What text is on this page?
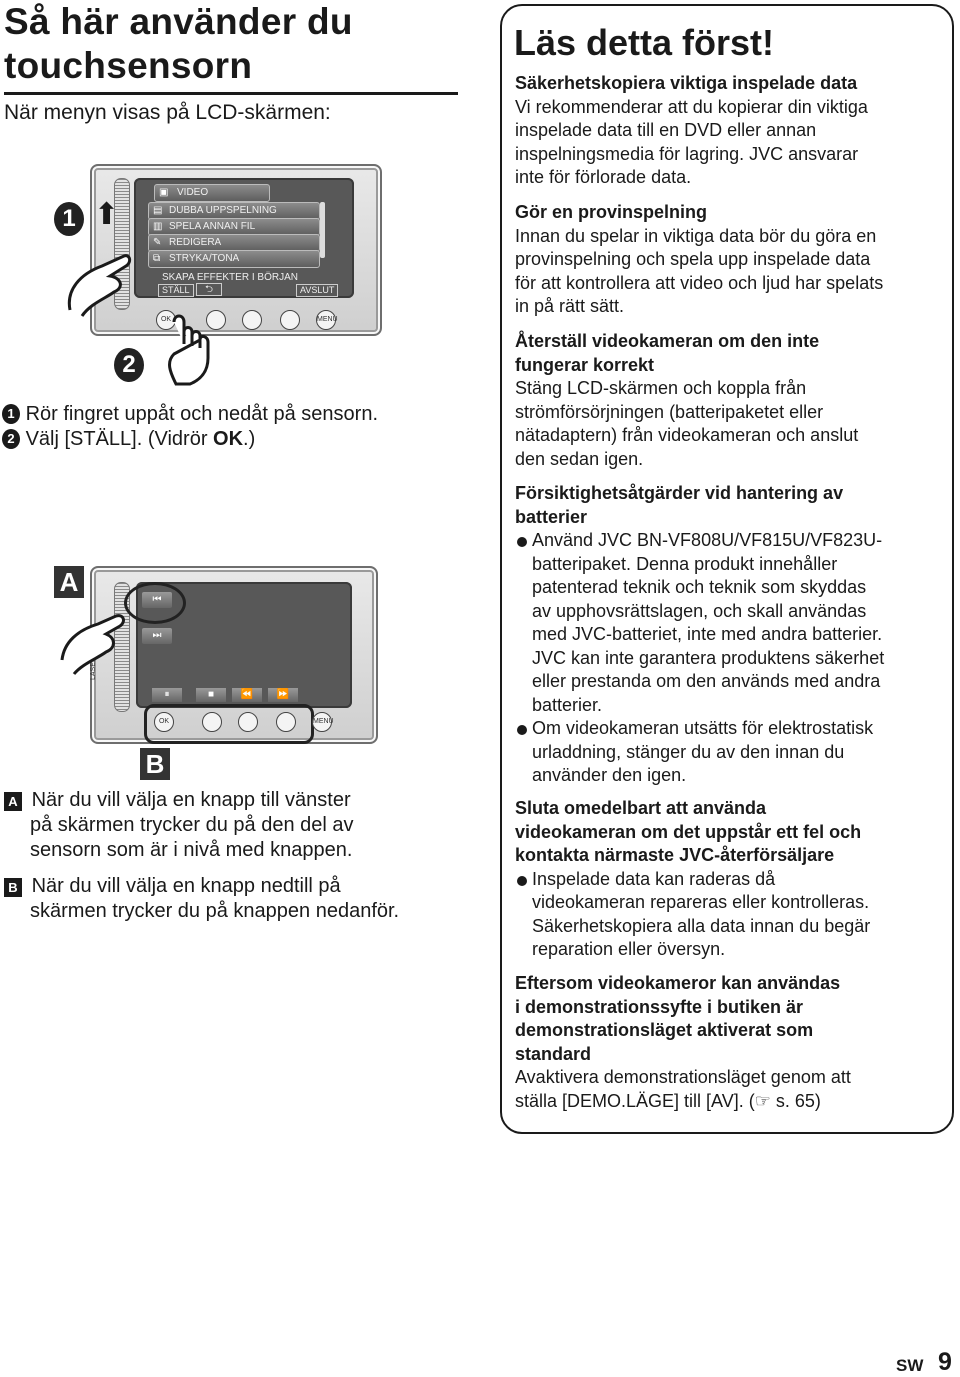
Så här använder du
touchsensorn
När menyn visas på LCD-skärmen:
▣ VIDEO
▤ DUBBA UPPSPELNING
▥ SPELA ANNAN FIL
✎ REDIGERA
⧉ STRYKA/TONA
SKAPA EFFEKTER I BÖRJAN
STÄLL	⮌	AVSLUT
OK	MENU
1 ⬆
2
1 Rör fingret uppåt och nedåt på sensorn.
2 Välj [STÄLL]. (Vidrör OK.)
⏮
⏭
⏸	■	⏪	⏩
OK	MENU
A
B
A När du vill välja en knapp till vänster
på skärmen trycker du på den del av
sensorn som är i nivå med knappen.
B När du vill välja en knapp nedtill på
skärmen trycker du på knappen nedanför.
Läs detta först!
Säkerhetskopiera viktiga inspelade data
Vi rekommenderar att du kopierar din viktiga
inspelade data till en DVD eller annan
inspelningsmedia för lagring. JVC ansvarar
inte för förlorade data.
Gör en provinspelning
Innan du spelar in viktiga data bör du göra en
provinspelning och spela upp inspelade data
för att kontrollera att video och ljud har spelats
in på rätt sätt.
Återställ videokameran om den inte
fungerar korrekt
Stäng LCD-skärmen och koppla från
strömförsörjningen (batteripaketet eller
nätadaptern) från videokameran och anslut
den sedan igen.
Försiktighetsåtgärder vid hantering av
batterier
Använd JVC BN-VF808U/VF815U/VF823U-
batteripaket. Denna produkt innehåller
patenterad teknik och teknik som skyddas
av upphovsrättslagen, och skall användas
med JVC-batteriet, inte med andra batterier.
JVC kan inte garantera produktens säkerhet
eller prestanda om den används med andra
batterier.
Om videokameran utsätts för elektrostatisk
urladdning, stänger du av den innan du
använder den igen.
Sluta omedelbart att använda
videokameran om det uppstår ett fel och
kontakta närmaste JVC-återförsäljare
Inspelade data kan raderas då
videokameran repareras eller kontrolleras.
Säkerhetskopiera alla data innan du begär
reparation eller översyn.
Eftersom videokameror kan användas
i demonstrationssyfte i butiken är
demonstrationsläget aktiverat som
standard
Avaktivera demonstrationsläget genom att
ställa [DEMO.LÄGE] till [AV]. (☞ s. 65)
SW 9
